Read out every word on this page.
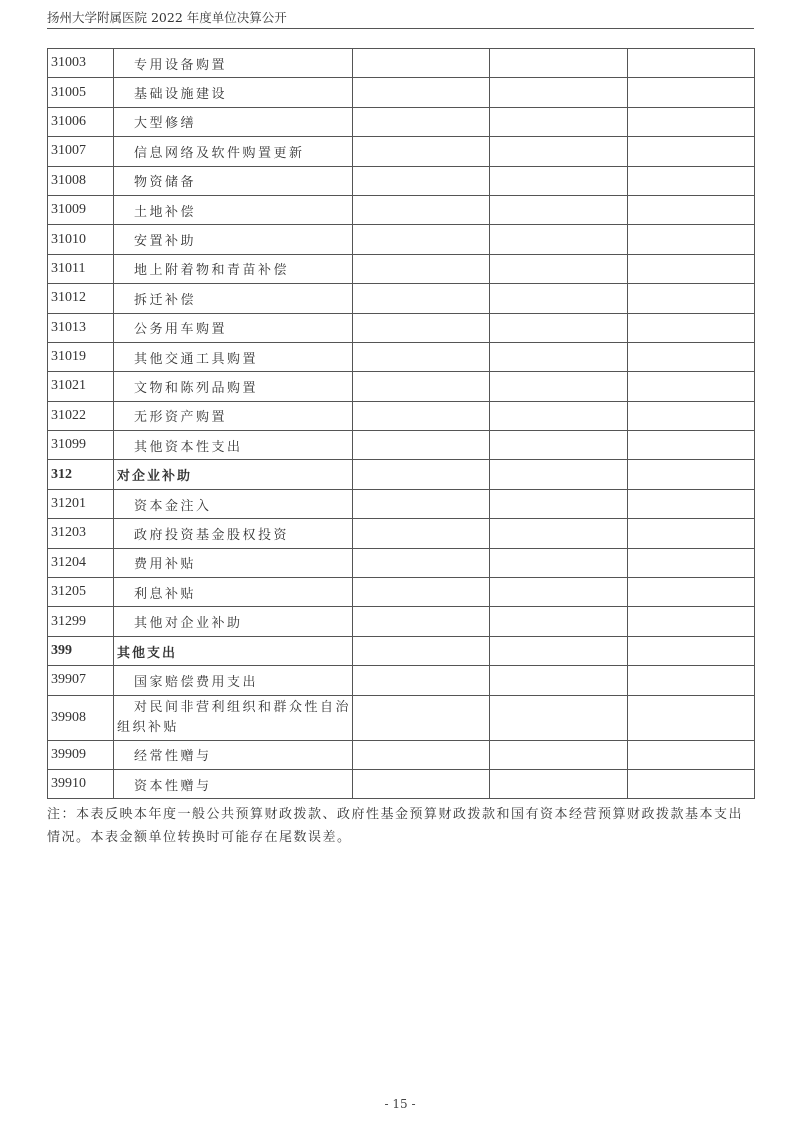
扬州大学附属医院 2022 年度单位决算公开
31003	专用设备购置			
31005	基础设施建设			
31006	大型修缮			
31007	信息网络及软件购置更新			
31008	物资储备			
31009	土地补偿			
31010	安置补助			
31011	地上附着物和青苗补偿			
31012	拆迁补偿			
31013	公务用车购置			
31019	其他交通工具购置			
31021	文物和陈列品购置			
31022	无形资产购置			
31099	其他资本性支出			
312	对企业补助			
31201	资本金注入			
31203	政府投资基金股权投资			
31204	费用补贴			
31205	利息补贴			
31299	其他对企业补助			
399	其他支出			
39907	国家赔偿费用支出			
39908	对民间非营利组织和群众性自治组织补贴			
39909	经常性赠与			
39910	资本性赠与			
注：本表反映本年度一般公共预算财政拨款、政府性基金预算财政拨款和国有资本经营预算财政拨款基本支出情况。本表金额单位转换时可能存在尾数误差。
- 15 -
